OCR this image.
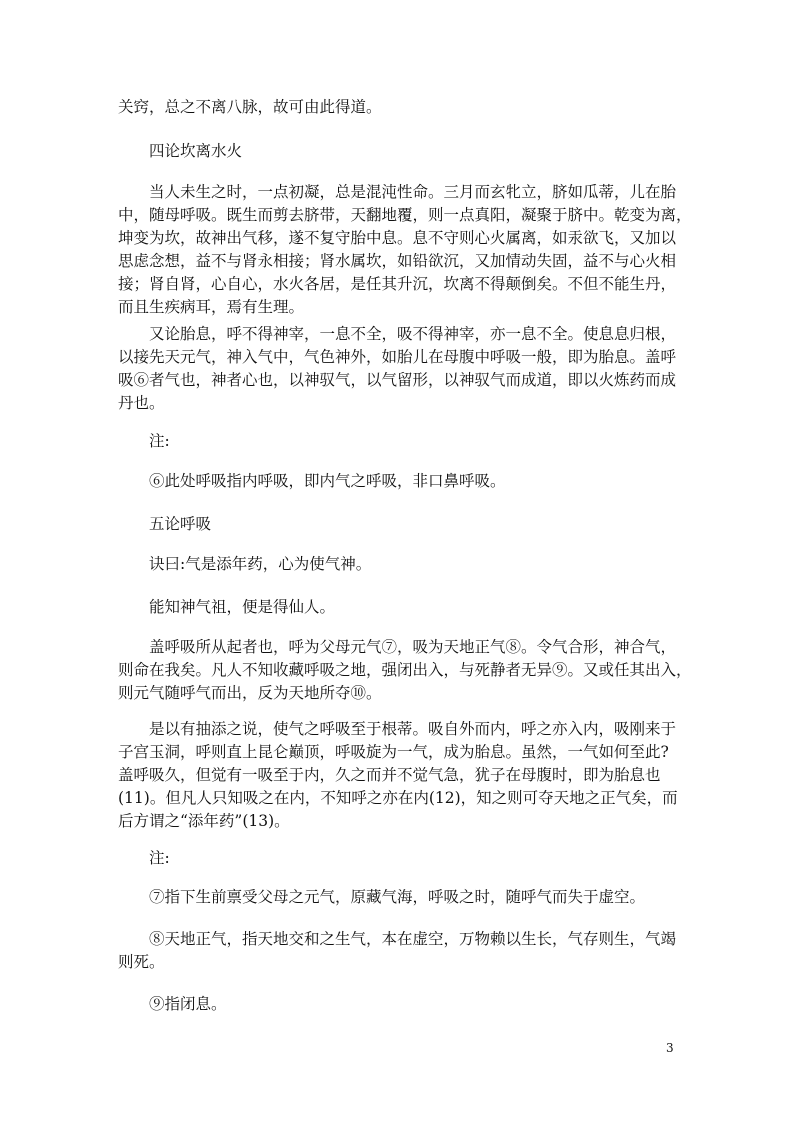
关窍，总之不离八脉，故可由此得道。
四论坎离水火
当人未生之时，一点初凝，总是混沌性命。三月而玄牝立，脐如瓜蒂，儿在胎
中，随母呼吸。既生而剪去脐带，天翻地覆，则一点真阳，凝聚于脐中。乾变为离，
坤变为坎，故神出气移，遂不复守胎中息。息不守则心火属离，如汞欲飞，又加以
思虑念想，益不与肾永相接；肾水属坎，如铅欲沉，又加情动失固，益不与心火相
接；肾自肾，心自心，水火各居，是任其升沉，坎离不得颠倒矣。不但不能生丹，
而且生疾病耳，焉有生理。
又论胎息，呼不得神宰，一息不全，吸不得神宰，亦一息不全。使息息归根，
以接先天元气，神入气中，气色神外，如胎儿在母腹中呼吸一般，即为胎息。盖呼
吸⑥者气也，神者心也，以神驭气，以气留形，以神驭气而成道，即以火炼药而成
丹也。
注:
⑥此处呼吸指内呼吸，即内气之呼吸，非口鼻呼吸。
五论呼吸
诀曰:气是添年药，心为使气神。
能知神气祖，便是得仙人。
盖呼吸所从起者也，呼为父母元气⑦，吸为天地正气⑧。令气合形，神合气，
则命在我矣。凡人不知收藏呼吸之地，强闭出入，与死静者无异⑨。又或任其出入，
则元气随呼气而出，反为天地所夺⑩。
是以有抽添之说，使气之呼吸至于根蒂。吸自外而内，呼之亦入内，吸刚来于
子宫玉洞，呼则直上昆仑巅顶，呼吸旋为一气，成为胎息。虽然，一气如何至此?
盖呼吸久，但觉有一吸至于内，久之而并不觉气急，犹子在母腹时，即为胎息也
(11)。但凡人只知吸之在内，不知呼之亦在内(12)，知之则可夺天地之正气矣，而
后方谓之“添年药”(13)。
注:
⑦指下生前禀受父母之元气，原藏气海，呼吸之时，随呼气而失于虚空。
⑧天地正气，指天地交和之生气，本在虚空，万物赖以生长，气存则生，气竭
则死。
⑨指闭息。
3
